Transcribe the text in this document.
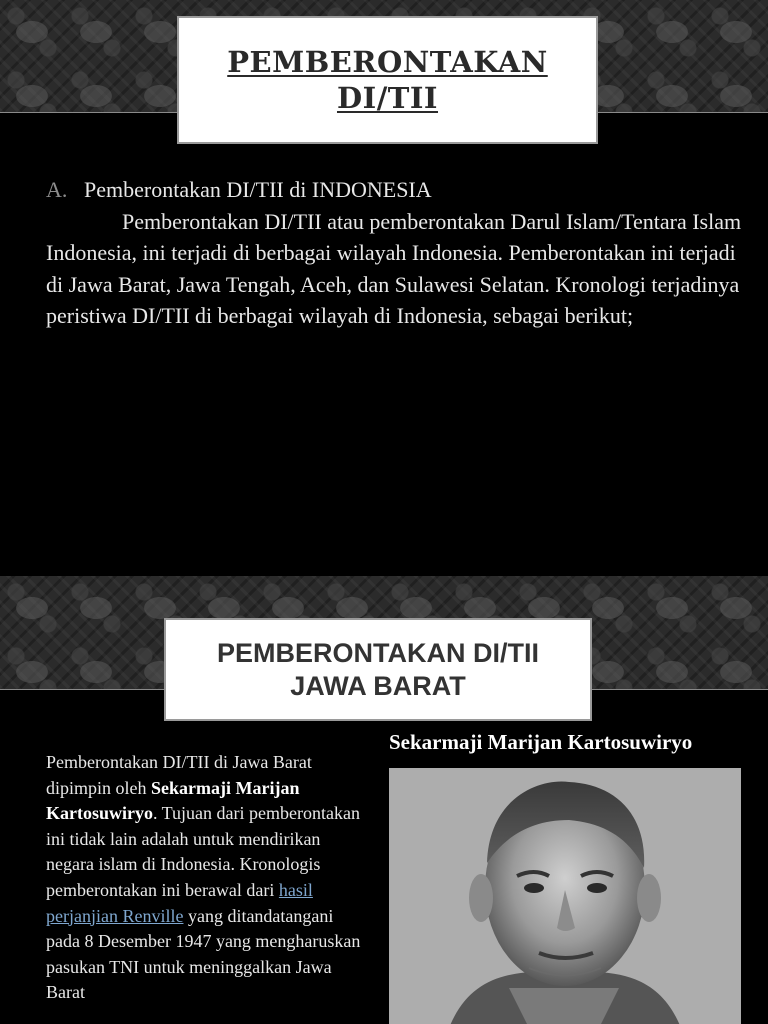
PEMBERONTAKAN
DI/TII

A. Pemberontakan DI/TII di INDONESIA

Pemberontakan DI/TII atau pemberontakan Darul Islam/Tentara Islam Indonesia, ini terjadi di berbagai wilayah Indonesia. Pemberontakan ini terjadi di Jawa Barat, Jawa Tengah, Aceh, dan Sulawesi Selatan. Kronologi terjadinya peristiwa DI/TII di berbagai wilayah di Indonesia, sebagai berikut;

PEMBERONTAKAN DI/TII
JAWA BARAT
Sekarmaji Marijan Kartosuwiryo
Pemberontakan DI/TII di Jawa Barat dipimpin oleh Sekarmaji Marijan Kartosuwiryo. Tujuan dari pemberontakan ini tidak lain adalah untuk mendirikan negara islam di Indonesia. Kronologis pemberontakan ini berawal dari hasil perjanjian Renville yang ditandatangani pada 8 Desember 1947 yang mengharuskan pasukan TNI untuk meninggalkan Jawa Barat
